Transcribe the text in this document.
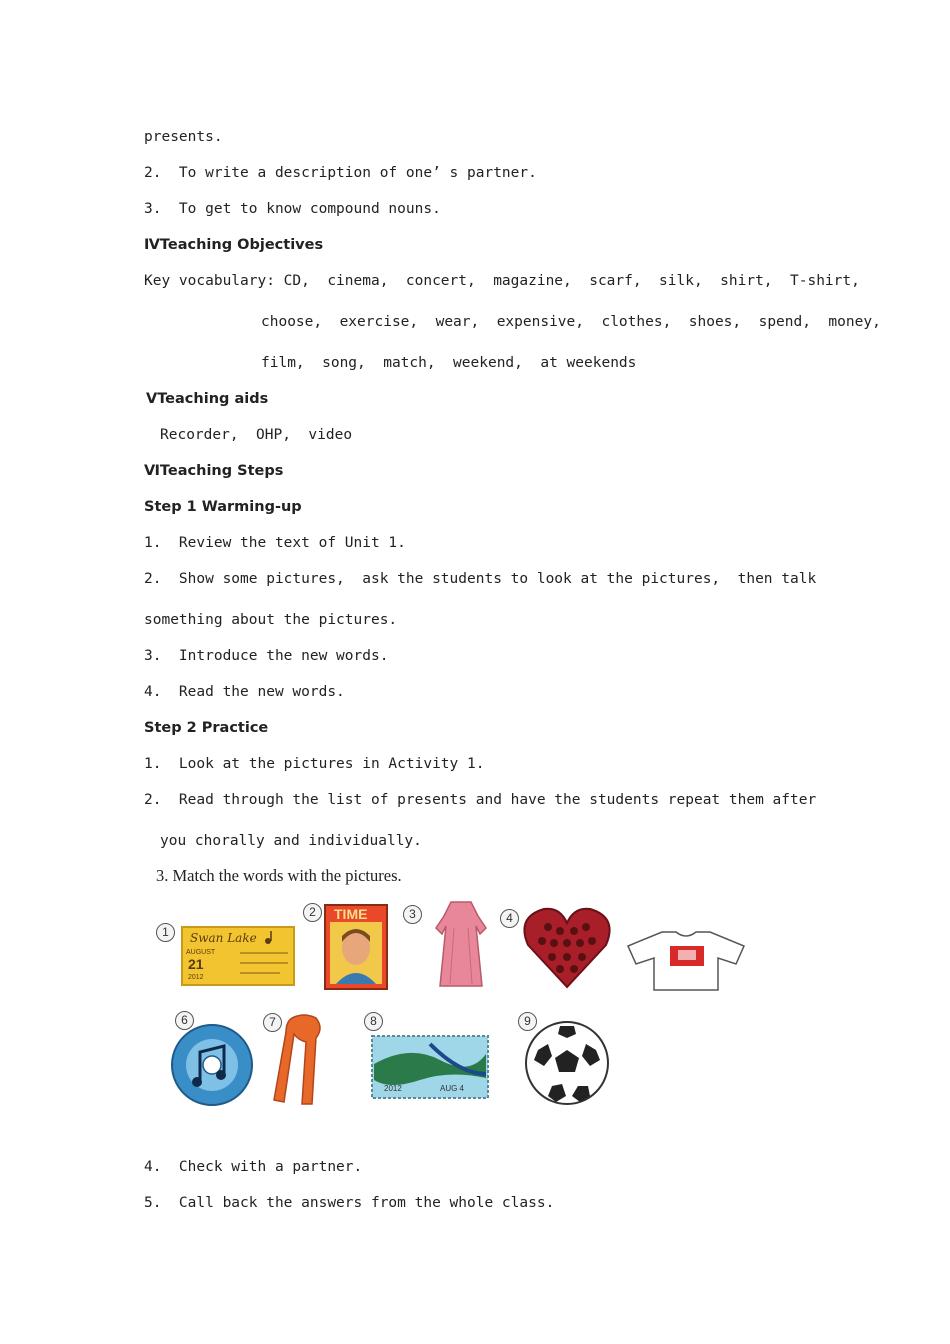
presents.
2.  To write a description of one’ s partner.
3.  To get to know compound nouns.
ⅣTeaching Objectives
Key vocabulary: CD,  cinema,  concert,  magazine,  scarf,  silk,  shirt,  T-shirt,
choose,  exercise,  wear,  expensive,  clothes,  shoes,  spend,  money,
film,  song,  match,  weekend,  at weekends
ⅤTeaching aids
Recorder,  OHP,  video
ⅥTeaching Steps
Step 1 Warming-up
1.  Review the text of Unit 1.
2.  Show some pictures,  ask the students to look at the pictures,  then talk
something about the pictures.
3.  Introduce the new words.
4.  Read the new words.
Step 2 Practice
1.  Look at the pictures in Activity 1.
2.  Read through the list of presents and have the students repeat them after
you chorally and individually.
3. Match the words with the pictures.
1
2	3	4
6	7	8	9
Swan Lake
AUGUST
21
2012
TIME
2012	AUG 4
4.  Check with a partner.
5.  Call back the answers from the whole class.
